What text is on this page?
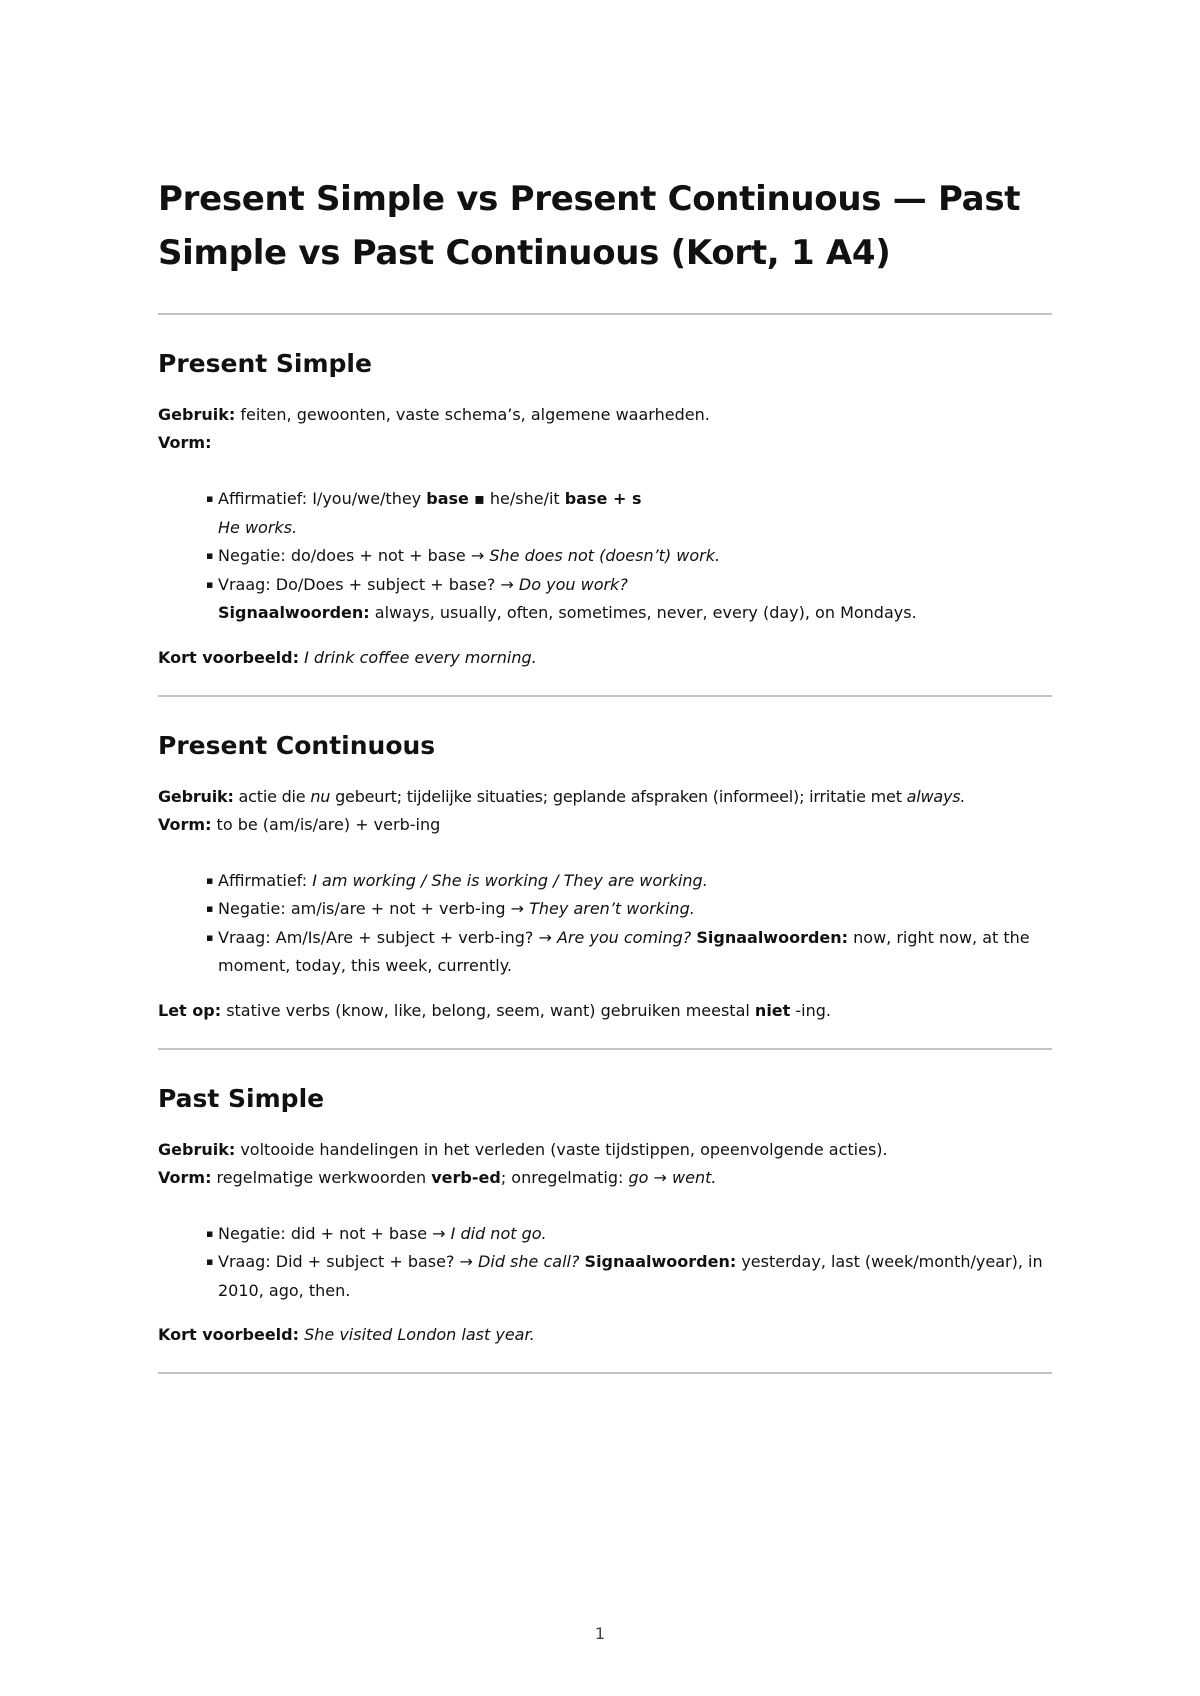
Present Simple vs Present Continuous — Past Simple vs Past Continuous (Kort, 1 A4)
Present Simple
Gebruik: feiten, gewoonten, vaste schema’s, algemene waarheden.
Vorm:
▪ Affirmatief: I/you/we/they base ▪ he/she/it base + s
He works.
▪ Negatie: do/does + not + base → She does not (doesn’t) work.
▪ Vraag: Do/Does + subject + base? → Do you work?
Signaalwoorden: always, usually, often, sometimes, never, every (day), on Mondays.
Kort voorbeeld: I drink coffee every morning.
Present Continuous
Gebruik: actie die nu gebeurt; tijdelijke situaties; geplande afspraken (informeel); irritatie met always.
Vorm: to be (am/is/are) + verb-ing
▪ Affirmatief: I am working / She is working / They are working.
▪ Negatie: am/is/are + not + verb-ing → They aren’t working.
▪ Vraag: Am/Is/Are + subject + verb-ing? → Are you coming? Signaalwoorden: now, right now, at the moment, today, this week, currently.
Let op: stative verbs (know, like, belong, seem, want) gebruiken meestal niet -ing.
Past Simple
Gebruik: voltooide handelingen in het verleden (vaste tijdstippen, opeenvolgende acties).
Vorm: regelmatige werkwoorden verb-ed; onregelmatig: go → went.
▪ Negatie: did + not + base → I did not go.
▪ Vraag: Did + subject + base? → Did she call? Signaalwoorden: yesterday, last (week/month/year), in 2010, ago, then.
Kort voorbeeld: She visited London last year.
1
